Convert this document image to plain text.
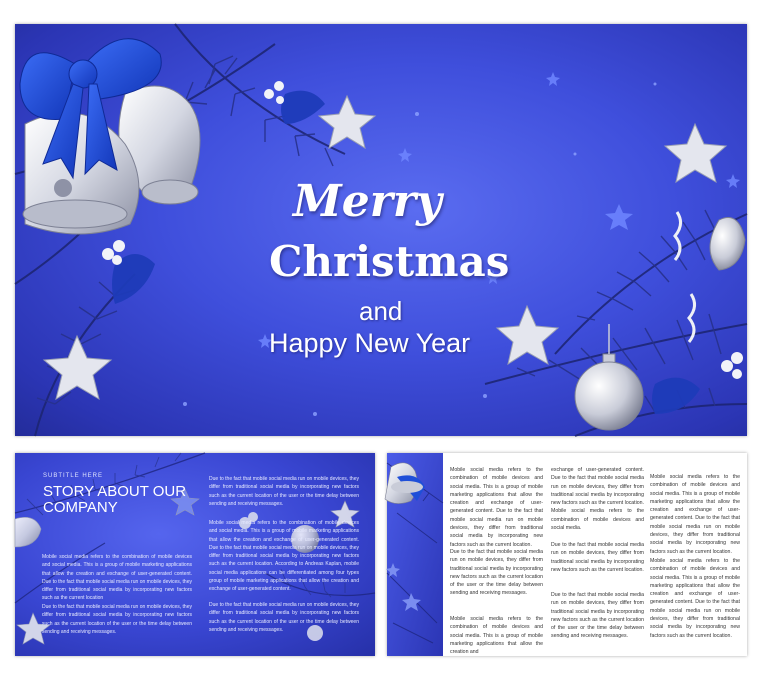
Merry
Christmas
and
Happy New Year
SUBTITLE HERE
STORY ABOUT OUR COMPANY
Mobile social media refers to the combination of mobile devices and social media. This is a group of mobile marketing applications that allow the creation and exchange of user-generated content. Due to the fact that mobile social media run on mobile devices, they differ from traditional social media by incorporating new factors such as the current location
Due to the fact that mobile social media run on mobile devices, they differ from traditional social media by incorporating new factors such as the current location of the user or the time delay between sending and receiving messages.
Due to the fact that mobile social media run on mobile devices, they differ from traditional social media by incorporating new factors such as the current location of the user or the time delay between sending and receiving messages.
Mobile social media refers to the combination of mobile devices and social media. This is a group of mobile marketing applications that allow the creation and exchange of user-generated content. Due to the fact that mobile social media run on mobile devices, they differ from traditional social media by incorporating new factors such as the current location. According to Andreas Kaplan, mobile social media applications can be differentiated among four types group of mobile marketing applications that allow the creation and exchange of user-generated content.
Due to the fact that mobile social media run on mobile devices, they differ from traditional social media by incorporating new factors such as the current location of the user or the time delay between sending and receiving messages.
Mobile social media refers to the combination of mobile devices and social media. This is a group of mobile marketing applications that allow the creation and exchange of user-generated content. Due to the fact that mobile social media run on mobile devices, they differ from traditional social media by incorporating new factors such as the current location.
Due to the fact that mobile social media run on mobile devices, they differ from traditional social media by incorporating new factors such as the current location of the user or the time delay between sending and receiving messages.
Mobile social media refers to the combination of mobile devices and social media. This is a group of mobile marketing applications that allow the creation and
exchange of user-generated content. Due to the fact that mobile social media run on mobile devices, they differ from traditional social media by incorporating new factors such as the current location. Mobile social media refers to the combination of mobile devices and social media.
Due to the fact that mobile social media run on mobile devices, they differ from traditional social media by incorporating new factors such as the current location.
Due to the fact that mobile social media run on mobile devices, they differ from traditional social media by incorporating new factors such as the current location of the user or the time delay between sending and receiving messages.
Mobile social media refers to the combination of mobile devices and social media. This is a group of mobile marketing applications that allow the creation and exchange of user-generated content. Due to the fact that mobile social media run on mobile devices, they differ from traditional social media by incorporating new factors such as the current location.
Mobile social media refers to the combination of mobile devices and social media. This is a group of mobile marketing applications that allow the creation and exchange of user-generated content. Due to the fact that mobile social media run on mobile devices, they differ from traditional social media by incorporating new factors such as the current location.
